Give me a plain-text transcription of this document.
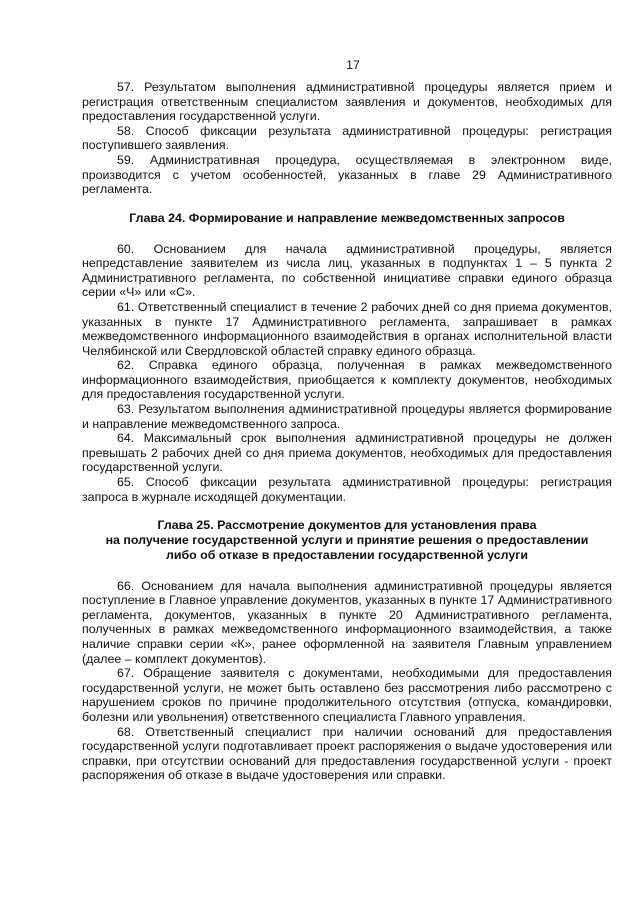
17

57. Результатом выполнения административной процедуры является прием и регистрация ответственным специалистом заявления и документов, необходимых для предоставления государственной услуги.

58. Способ фиксации результата административной процедуры: регистрация поступившего заявления.

59. Административная процедура, осуществляемая в электронном виде, производится с учетом особенностей, указанных в главе 29 Административного регламента.

Глава 24. Формирование и направление межведомственных запросов

60. Основанием для начала административной процедуры, является непредставление заявителем из числа лиц, указанных в подпунктах 1 – 5 пункта 2 Административного регламента, по собственной инициативе справки единого образца серии «Ч» или «С».

61. Ответственный специалист в течение 2 рабочих дней со дня приема документов, указанных в пункте 17 Административного регламента, запрашивает в рамках межведомственного информационного взаимодействия в органах исполнительной власти Челябинской или Свердловской областей справку единого образца.

62. Справка единого образца, полученная в рамках межведомственного информационного взаимодействия, приобщается к комплекту документов, необходимых для предоставления государственной услуги.

63. Результатом выполнения административной процедуры является формирование и направление межведомственного запроса.

64. Максимальный срок выполнения административной процедуры не должен превышать 2 рабочих дней со дня приема документов, необходимых для предоставления государственной услуги.

65. Способ фиксации результата административной процедуры: регистрация запроса в журнале исходящей документации.

Глава 25. Рассмотрение документов для установления права
на получение государственной услуги и принятие решения о предоставлении
либо об отказе в предоставлении государственной услуги

66. Основанием для начала выполнения административной процедуры является поступление в Главное управление документов, указанных в пункте 17 Административного регламента, документов, указанных в пункте 20 Административного регламента, полученных в рамках межведомственного информационного взаимодействия, а также наличие справки серии «К», ранее оформленной на заявителя Главным управлением (далее – комплект документов).

67. Обращение заявителя с документами, необходимыми для предоставления государственной услуги, не может быть оставлено без рассмотрения либо рассмотрено с нарушением сроков по причине продолжительного отсутствия (отпуска, командировки, болезни или увольнения) ответственного специалиста Главного управления.

68. Ответственный специалист при наличии оснований для предоставления государственной услуги подготавливает проект распоряжения о выдаче удостоверения или справки, при отсутствии оснований для предоставления государственной услуги - проект распоряжения об отказе в выдаче удостоверения или справки.
